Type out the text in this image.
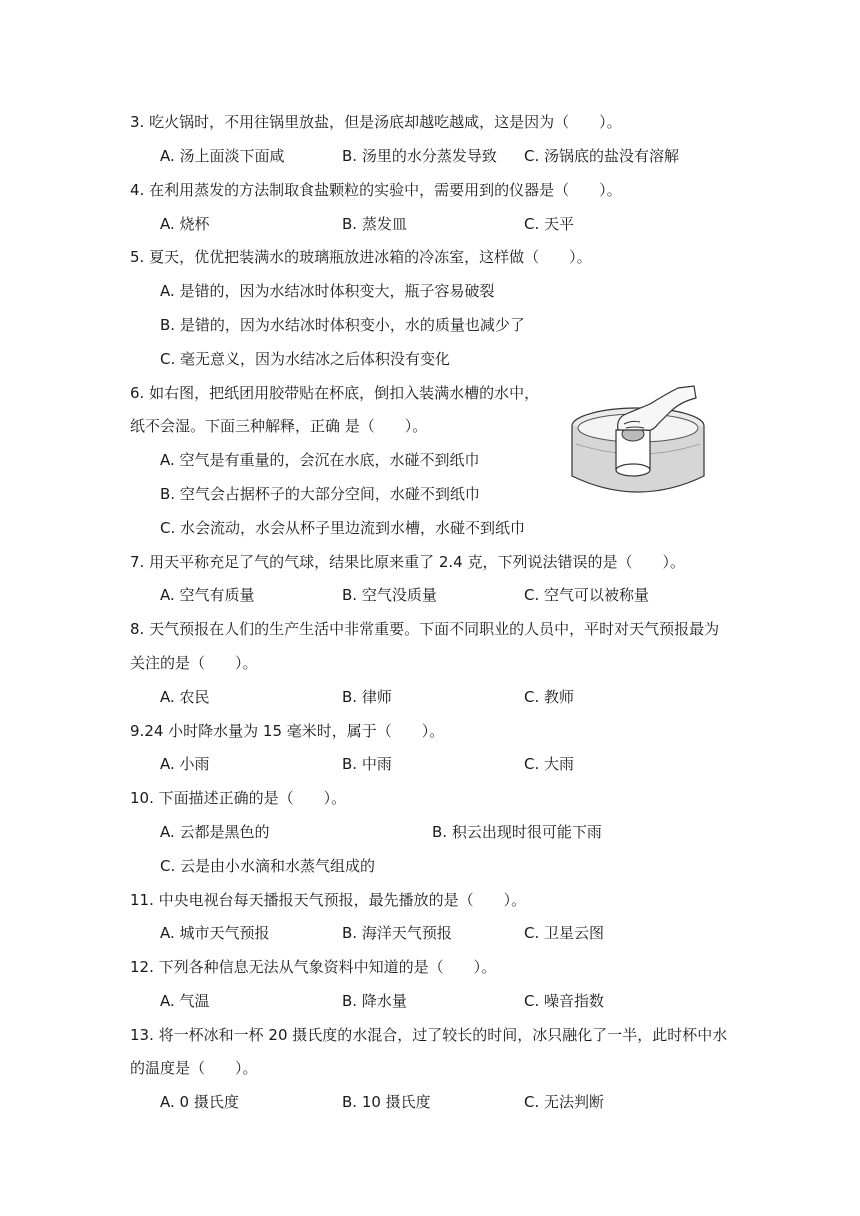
3. 吃火锅时，不用往锅里放盐，但是汤底却越吃越咸，这是因为（　　）。
A. 汤上面淡下面咸	B. 汤里的水分蒸发导致 C. 汤锅底的盐没有溶解
4. 在利用蒸发的方法制取食盐颗粒的实验中，需要用到的仪器是（　　）。
A. 烧杯	B. 蒸发皿	C. 天平
5. 夏天，优优把装满水的玻璃瓶放进冰箱的冷冻室，这样做（　　）。
A. 是错的，因为水结冰时体积变大，瓶子容易破裂
B. 是错的，因为水结冰时体积变小，水的质量也减少了
C. 毫无意义，因为水结冰之后体积没有变化
6. 如右图，把纸团用胶带贴在杯底，倒扣入装满水槽的水中，
纸不会湿。下面三种解释，正确 是（　　）。
A. 空气是有重量的，会沉在水底，水碰不到纸巾
B. 空气会占据杯子的大部分空间，水碰不到纸巾
C. 水会流动，水会从杯子里边流到水槽，水碰不到纸巾
7. 用天平称充足了气的气球，结果比原来重了 2.4 克，下列说法错误的是（　　）。
A. 空气有质量	B. 空气没质量	C. 空气可以被称量
8. 天气预报在人们的生产生活中非常重要。下面不同职业的人员中，平时对天气预报最为
关注的是（　　）。
A. 农民	B. 律师	C. 教师
9.24 小时降水量为 15 毫米时，属于（　　）。
A. 小雨	B. 中雨	C. 大雨
10. 下面描述正确的是（　　）。
A. 云都是黑色的	B. 积云出现时很可能下雨
C. 云是由小水滴和水蒸气组成的
11. 中央电视台每天播报天气预报，最先播放的是（　　）。
A. 城市天气预报	B. 海洋天气预报	C. 卫星云图
12. 下列各种信息无法从气象资料中知道的是（　　）。
A. 气温	B. 降水量	C. 噪音指数
13. 将一杯冰和一杯 20 摄氏度的水混合，过了较长的时间，冰只融化了一半，此时杯中水
的温度是（　　）。
A. 0 摄氏度	B. 10 摄氏度	C. 无法判断
